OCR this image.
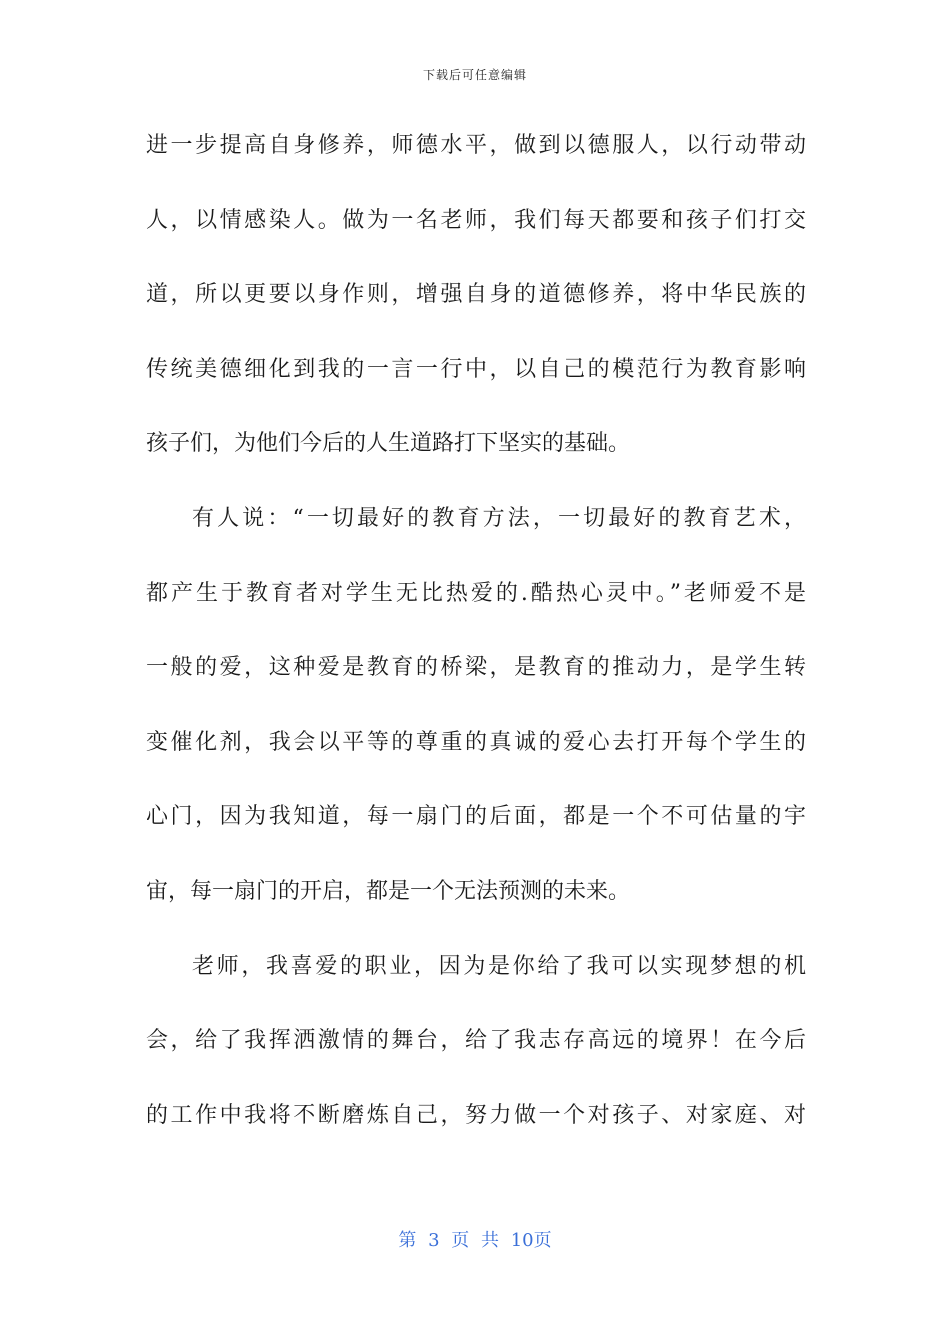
下载后可任意编辑
进一步提高自身修养，师德水平，做到以德服人，以行动带动
人，以情感染人。做为一名老师，我们每天都要和孩子们打交
道，所以更要以身作则，增强自身的道德修养，将中华民族的
传统美德细化到我的一言一行中，以自己的模范行为教育影响
孩子们，为他们今后的人生道路打下坚实的基础。
有人说：“一切最好的教育方法，一切最好的教育艺术，
都产生于教育者对学生无比热爱的.酷热心灵中。”老师爱不是
一般的爱，这种爱是教育的桥梁，是教育的推动力，是学生转
变催化剂，我会以平等的尊重的真诚的爱心去打开每个学生的
心门，因为我知道，每一扇门的后面，都是一个不可估量的宇
宙，每一扇门的开启，都是一个无法预测的未来。
老师，我喜爱的职业，因为是你给了我可以实现梦想的机
会，给了我挥洒激情的舞台，给了我志存高远的境界！在今后
的工作中我将不断磨炼自己，努力做一个对孩子、对家庭、对
第 3 页 共 10页
